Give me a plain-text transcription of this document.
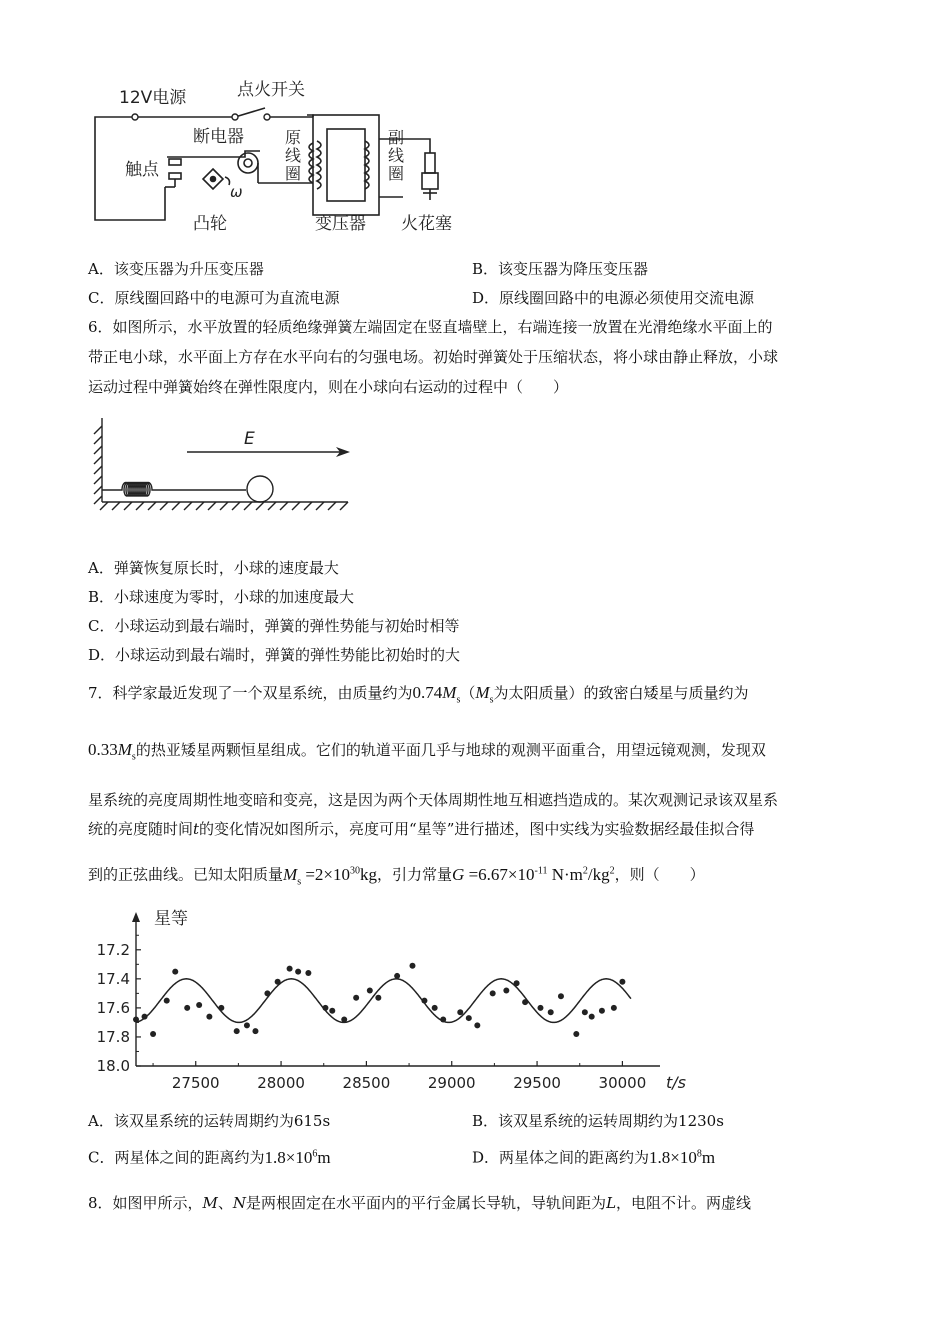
12V电源	点火开关
断电器	原
线
圈
副
线
圈
触点
ω
凸轮	变压器 火花塞
A．该变压器为升压变压器	B．该变压器为降压变压器
C．原线圈回路中的电源可为直流电源	D．原线圈回路中的电源必须使用交流电源
6．如图所示，水平放置的轻质绝缘弹簧左端固定在竖直墙壁上，右端连接一放置在光滑绝缘水平面上的
带正电小球，水平面上方存在水平向右的匀强电场。初始时弹簧处于压缩状态，将小球由静止释放，小球
运动过程中弹簧始终在弹性限度内，则在小球向右运动的过程中（　　）
E
A．弹簧恢复原长时，小球的速度最大
B．小球速度为零时，小球的加速度最大
C．小球运动到最右端时，弹簧的弹性势能与初始时相等
D．小球运动到最右端时，弹簧的弹性势能比初始时的大
7．科学家最近发现了一个双星系统，由质量约为$0.74M_s(M_s$为太阳质量）的致密白矮星与质量约为
$0.33M_s$的热亚矮星两颗恒星组成。它们的轨道平面几乎与地球的观测平面重合，用望远镜观测，发现双
星系统的亮度周期性地变暗和变亮，这是因为两个天体周期性地互相遮挡造成的。某次观测记录该双星系
统的亮度随时间t的变化情况如图所示，亮度可用“星等”进行描述，图中实线为实验数据经最佳拟合得
到的正弦曲线。已知太阳质量$M_s =2\times 10^{30}kg$，引力常量$G =6.67\times 10^{-11}$ $N\cdot m^2/kg^2$，则（　　）
17.2
17.4
17.6
17.8
18.0
27500	28000	28500	29000	29500	30000
星等
t/s
A．该双星系统的运转周期约为615s	B．该双星系统的运转周期约为1230s
C．两星体之间的距离约为$1.8\times 10^6m$	D．两星体之间的距离约为$1.8\times 10^8m$
8．如图甲所示，M、N是两根固定在水平面内的平行金属长导轨，导轨间距为L，电阻不计。两虚线
